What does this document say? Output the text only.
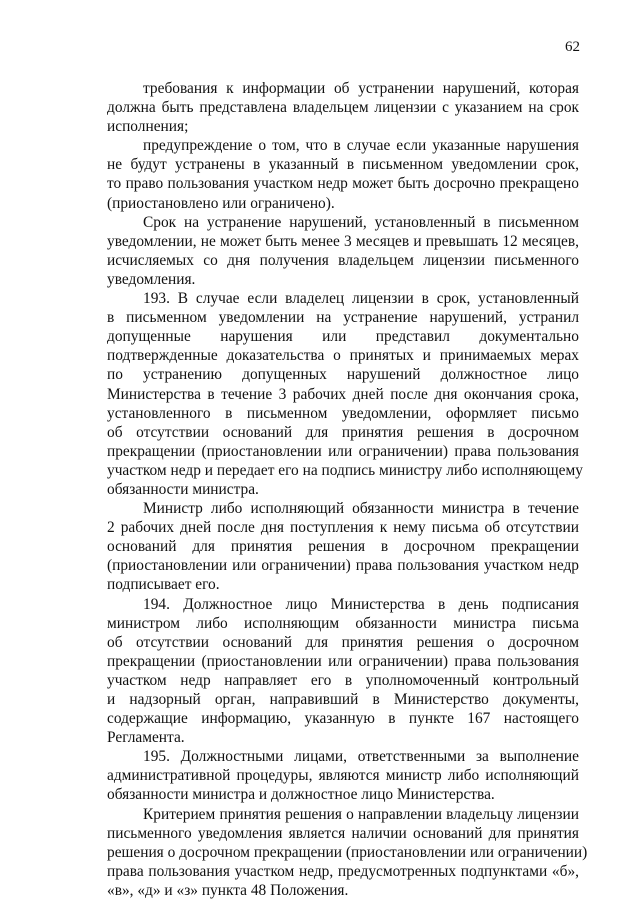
62
требования к информации об устранении нарушений, которая
должна быть представлена владельцем лицензии с указанием на срок
исполнения;
предупреждение о том, что в случае если указанные нарушения
не будут устранены в указанный в письменном уведомлении срок,
то право пользования участком недр может быть досрочно прекращено
(приостановлено или ограничено).
Срок на устранение нарушений, установленный в письменном
уведомлении, не может быть менее 3 месяцев и превышать 12 месяцев,
исчисляемых со дня получения владельцем лицензии письменного
уведомления.
193. В случае если владелец лицензии в срок, установленный
в письменном уведомлении на устранение нарушений, устранил
допущенные нарушения или представил документально
подтвержденные доказательства о принятых и принимаемых мерах
по устранению допущенных нарушений должностное лицо
Министерства в течение 3 рабочих дней после дня окончания срока,
установленного в письменном уведомлении, оформляет письмо
об отсутствии оснований для принятия решения в досрочном
прекращении (приостановлении или ограничении) права пользования
участком недр и передает его на подпись министру либо исполняющему
обязанности министра.
Министр либо исполняющий обязанности министра в течение
2 рабочих дней после дня поступления к нему письма об отсутствии
оснований для принятия решения в досрочном прекращении
(приостановлении или ограничении) права пользования участком недр
подписывает его.
194. Должностное лицо Министерства в день подписания
министром либо исполняющим обязанности министра письма
об отсутствии оснований для принятия решения о досрочном
прекращении (приостановлении или ограничении) права пользования
участком недр направляет его в уполномоченный контрольный
и надзорный орган, направивший в Министерство документы,
содержащие информацию, указанную в пункте 167 настоящего
Регламента.
195. Должностными лицами, ответственными за выполнение
административной процедуры, являются министр либо исполняющий
обязанности министра и должностное лицо Министерства.
Критерием принятия решения о направлении владельцу лицензии
письменного уведомления является наличии оснований для принятия
решения о досрочном прекращении (приостановлении или ограничении)
права пользования участком недр, предусмотренных подпунктами «б»,
«в», «д» и «з» пункта 48 Положения.
